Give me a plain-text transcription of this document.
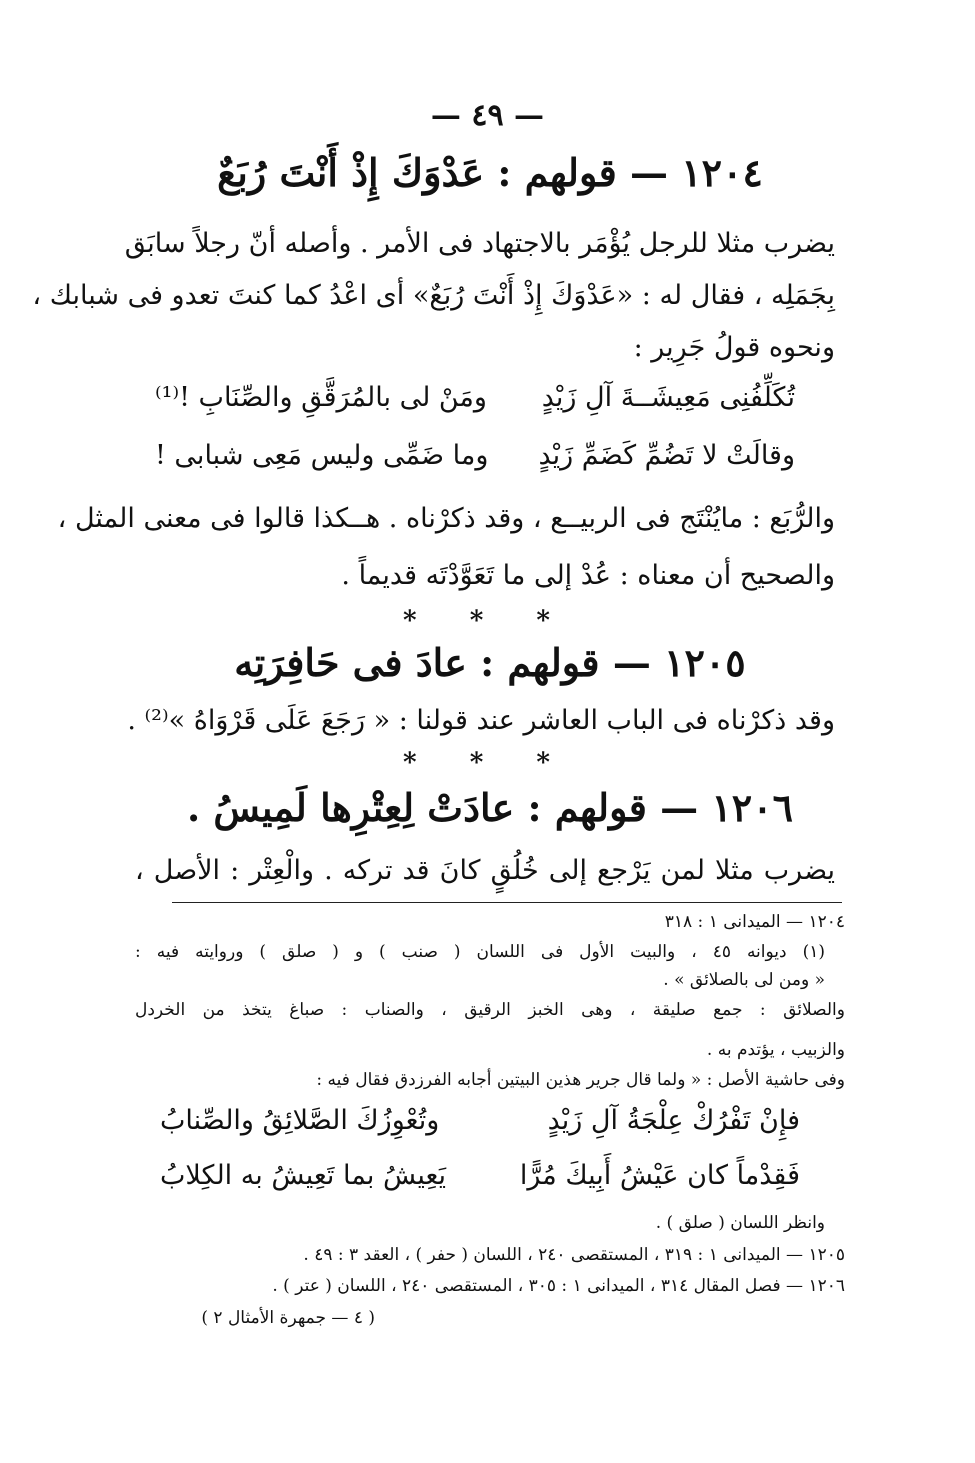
— ٤٩ —
١٢٠٤ — قولهم : عَدْوَكَ إِذْ أَنْتَ رُبَعٌ
يضرب مثلا للرجل يُؤْمَر بالاجتهاد فى الأمر . وأصله أنّ رجلاً سابَق
بِجَمَلِه ، فقال له : «عَدْوَكَ إِذْ أَنْتَ رُبَعٌ» أى اعْدُ كما كنتَ تعدو فى شبابك ،
ونحوه قولُ جَرِير :
تُكَلِّفُنِى مَعِيشَــةَ آلِ زَيْدٍ
ومَنْ لى بالمُرَقَّقِ والصِّنَابِ !⁽¹⁾
وقالَتْ لا تَضُمِّ كَضَمِّ زَيْدٍ
وما ضَمِّى وليس مَعِى شبابى !
والرُّبَع : مايُنْتَج فى الربيــع ، وقد ذكرْناه . هــكذا قالوا فى معنى المثل ،
والصحيح أن معناه : عُدْ إلى ما تَعَوَّدْتَه قديماً .
* * *
١٢٠٥ — قولهم : عادَ فى حَافِرَتِه
وقد ذكرْناه فى الباب العاشر عند قولنا : « رَجَعَ عَلَى قَرْوَاهُ »⁽²⁾ .
* * *
١٢٠٦ — قولهم : عادَتْ لِعِتْرِها لَمِيسُ .
يضرب مثلا لمن يَرْجع إلى خُلُقٍ كانَ قد تركه . والْعِتْر : الأصل ،
١٢٠٤ — الميدانى ١ : ٣١٨
(١) ديوانه ٤٥ ، والبيت الأول فى اللسان ( صنب ) و ( صلق ) وروايته فيه :
« ومن لى بالصلائق » .
والصلائق : جمع صليقة ، وهى الخبز الرقيق ، والصناب : صباغ يتخذ من الخردل
والزبيب ، يؤتدم به .
وفى حاشية الأصل : « ولما قال جرير هذين البيتين أجابه الفرزدق فقال فيه :
فإِنْ تَفْرُكْ عِلْجَةُ آلِ زَيْدٍ
وتُعْوِزُكَ الصَّلائِقُ والصِّنابُ
فَقِدْماً كان عَيْشُ أَبِيكَ مُرًّا
يَعِيشُ بما تَعِيشُ به الكِلابُ
وانظر اللسان ( صلق ) .
١٢٠٥ — الميدانى ١ : ٣١٩ ، المستقصى ٢٤٠ ، اللسان ( حفر ) ، العقد ٣ : ٤٩ .
١٢٠٦ — فصل المقال ٣١٤ ، الميدانى ١ : ٣٠٥ ، المستقصى ٢٤٠ ، اللسان ( عتر ) .
( ٤ — جمهرة الأمثال ٢ )
